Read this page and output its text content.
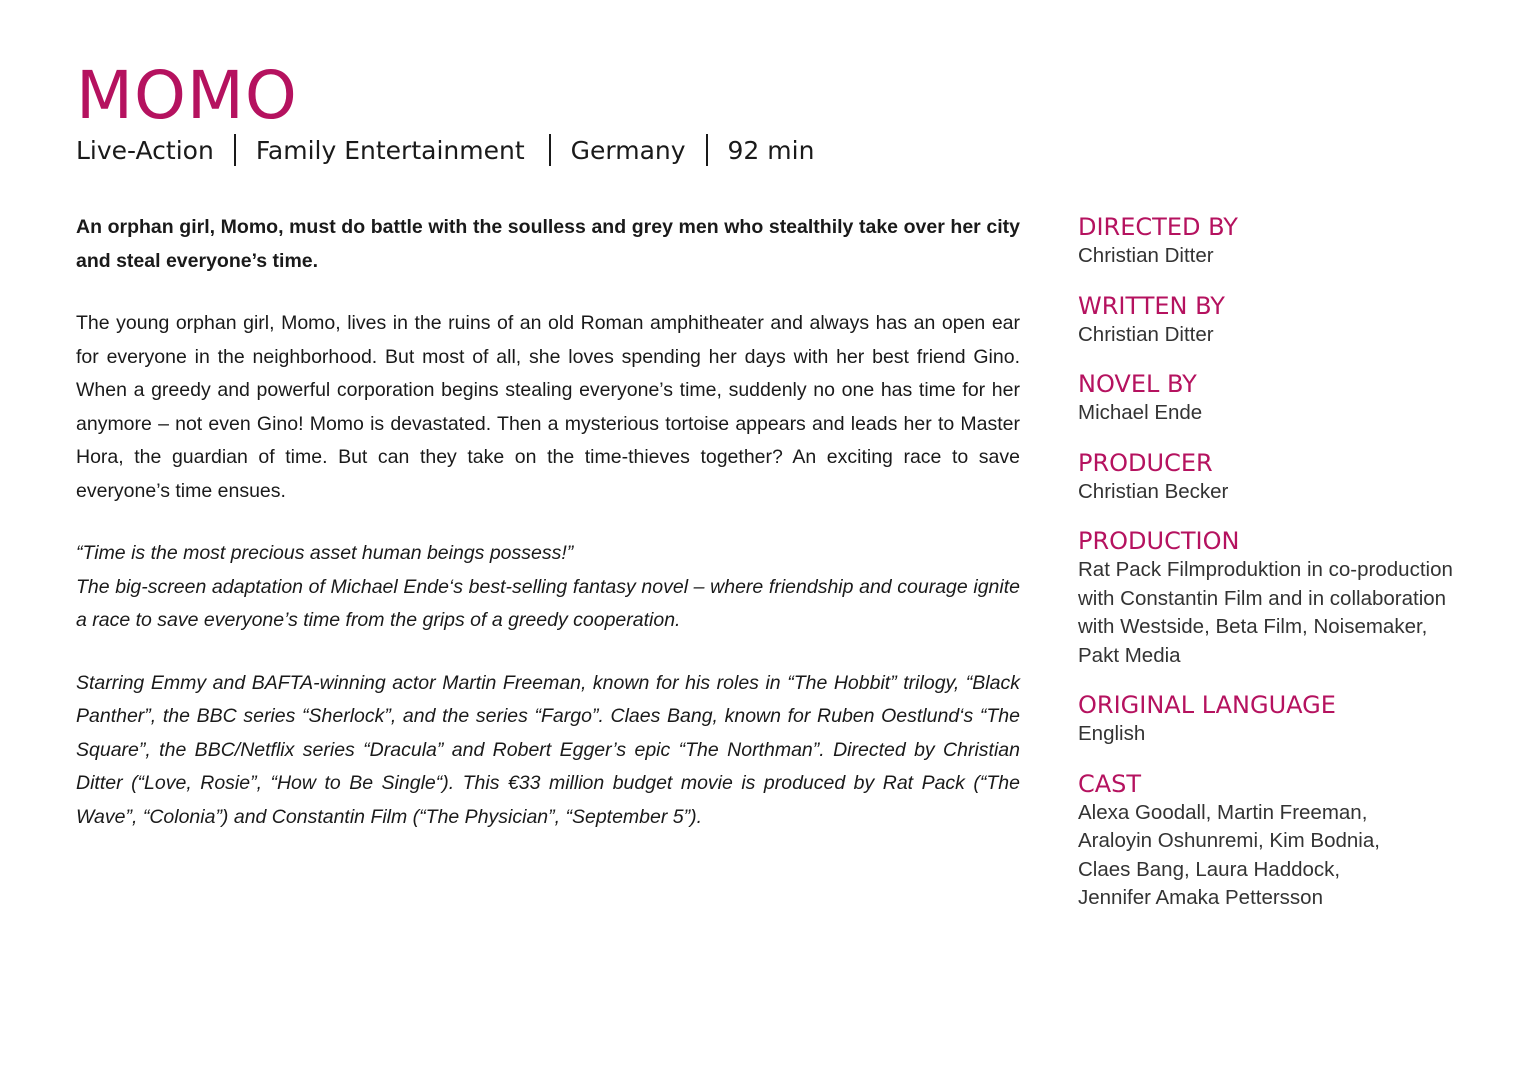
MOMO
Live-Action Family Entertainment Germany 92 min

An orphan girl, Momo, must do battle with the soulless and grey men who stealthily take over her city and steal everyone’s time.

The young orphan girl, Momo, lives in the ruins of an old Roman amphitheater and always has an open ear for everyone in the neighborhood. But most of all, she loves spending her days with her best friend Gino. When a greedy and powerful corporation begins stealing everyone’s time, suddenly no one has time for her anymore – not even Gino! Momo is devastated. Then a mysterious tortoise appears and leads her to Master Hora, the guardian of time. But can they take on the time-thieves together? An exciting race to save everyone’s time ensues.

“Time is the most precious asset human beings possess!”
The big-screen adaptation of Michael Ende‘s best-selling fantasy novel – where friendship and courage ignite a race to save everyone’s time from the grips of a greedy cooperation.

Starring Emmy and BAFTA-winning actor Martin Freeman, known for his roles in “The Hobbit” trilogy, “Black Panther”, the BBC series “Sherlock”, and the series “Fargo”. Claes Bang, known for Ruben Oestlund‘s “The Square”, the BBC/Netflix series “Dracula” and Robert Egger’s epic “The Northman”. Directed by Christian Ditter (“Love, Rosie”, “How to Be Single“). This €33 million budget movie is produced by Rat Pack (“The Wave”, “Colonia”) and Constantin Film (“The Physician”, “September 5”).

DIRECTED BY
Christian Ditter
WRITTEN BY
Christian Ditter
NOVEL BY
Michael Ende
PRODUCER
Christian Becker
PRODUCTION
Rat Pack Filmproduktion in co-production
with Constantin Film and in collaboration
with Westside, Beta Film, Noisemaker,
Pakt Media
ORIGINAL LANGUAGE
English
CAST
Alexa Goodall, Martin Freeman,
Araloyin Oshunremi, Kim Bodnia,
Claes Bang, Laura Haddock,
Jennifer Amaka Pettersson
